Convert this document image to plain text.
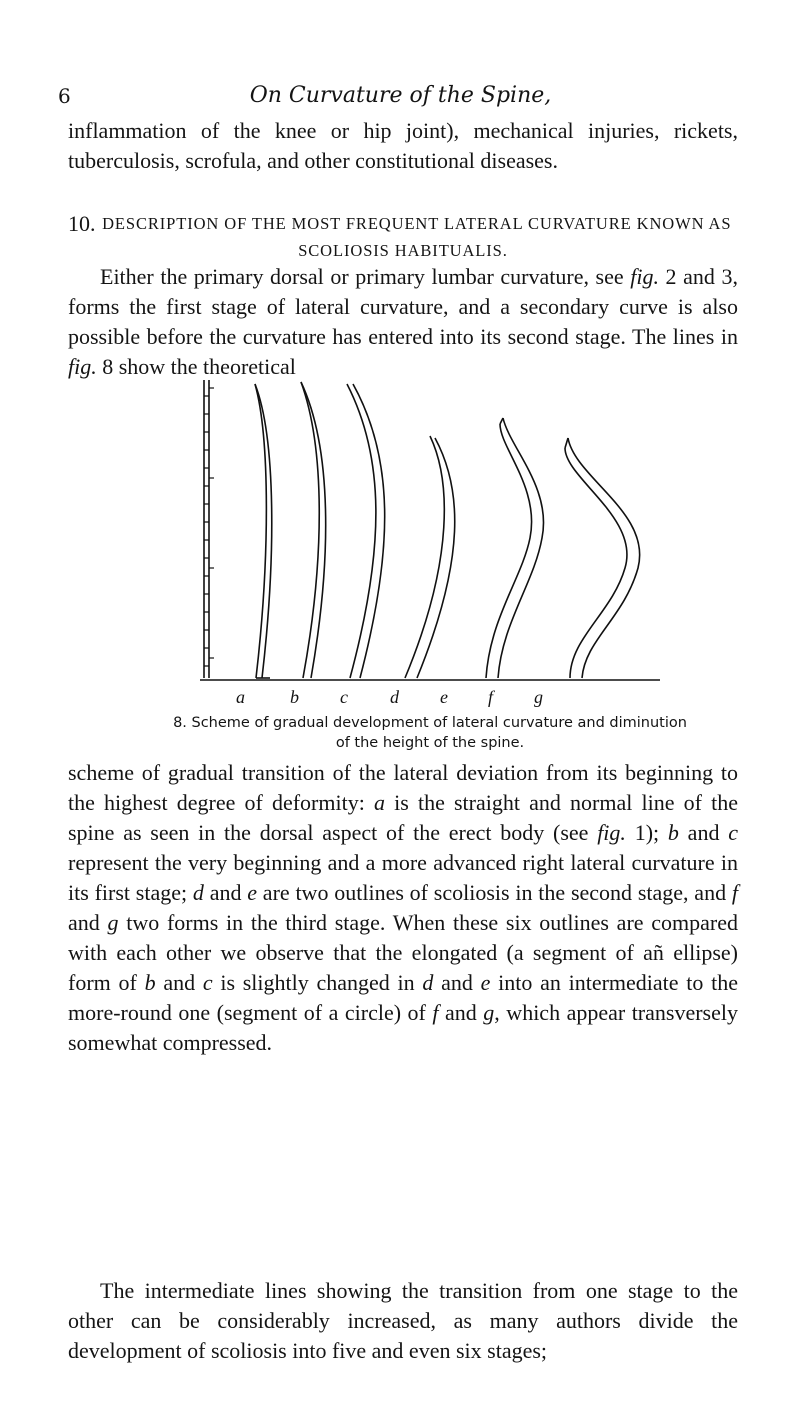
6	On Curvature of the Spine,

inflammation of the knee or hip joint), mechanical injuries, rickets, tuberculosis, scrofula, and other constitutional diseases.

10. DESCRIPTION OF THE MOST FREQUENT LATERAL CURVATURE KNOWN AS SCOLIOSIS HABITUALIS.

Either the primary dorsal or primary lumbar curvature, see fig. 2 and 3, forms the first stage of lateral curvature, and a secondary curve is also possible before the curvature has entered into its second stage. The lines in fig. 8 show the theoretical

a	b c d e f g

8. Scheme of gradual development of lateral curvature and diminution
of the height of the spine.

scheme of gradual transition of the lateral deviation from its beginning to the highest degree of deformity: a is the straight and normal line of the spine as seen in the dorsal aspect of the erect body (see fig. 1); b and c represent the very beginning and a more advanced right lateral curvature in its first stage; d and e are two outlines of scoliosis in the second stage, and f and g two forms in the third stage. When these six outlines are compared with each other we observe that the elongated (a segment of añ ellipse) form of b and c is slightly changed in d and e into an intermediate to the more-round one (segment of a circle) of f and g, which appear transversely somewhat compressed.

The intermediate lines showing the transition from one stage to the other can be considerably increased, as many authors divide the development of scoliosis into five and even six stages;
